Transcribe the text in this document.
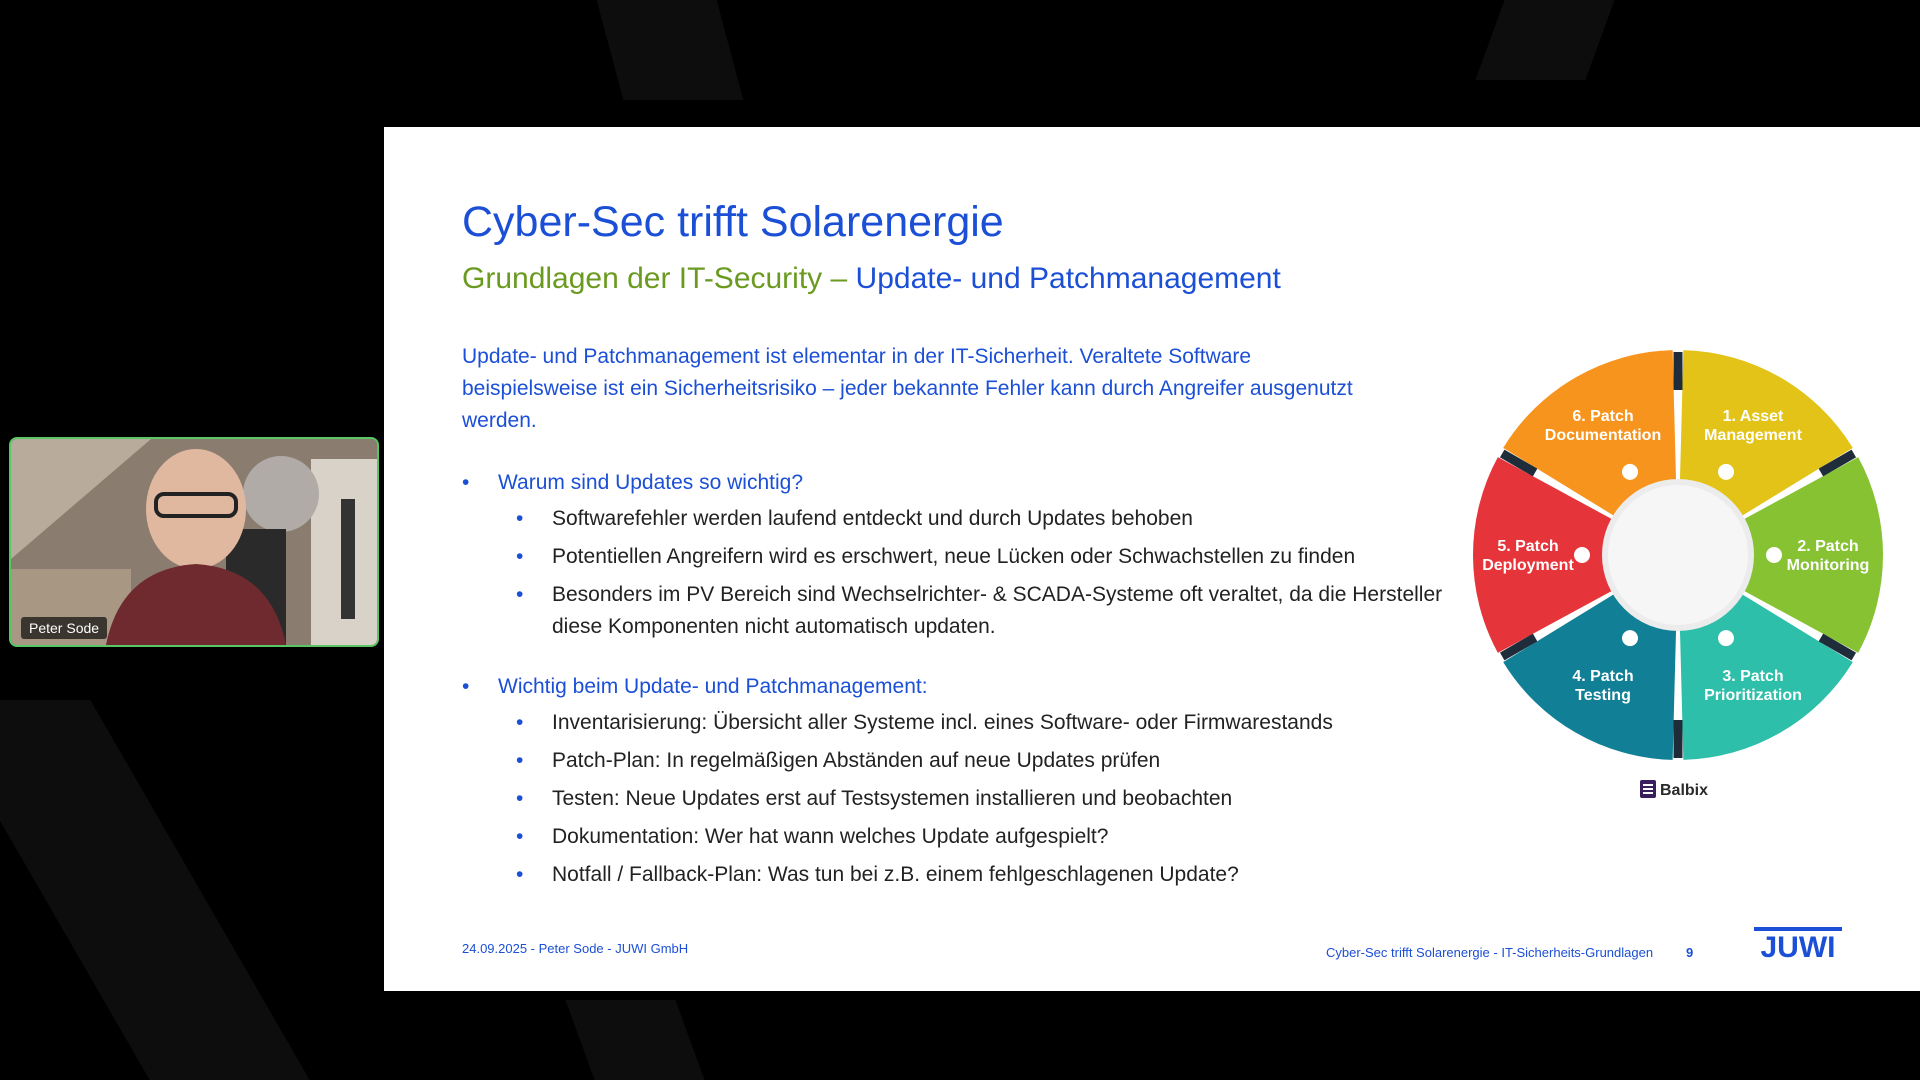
Peter Sode
Cyber-Sec trifft Solarenergie
Grundlagen der IT-Security – Update- und Patchmanagement
Update- und Patchmanagement ist elementar in der IT-Sicherheit. Veraltete Software
beispielsweise ist ein Sicherheitsrisiko – jeder bekannte Fehler kann durch Angreifer ausgenutzt
werden.
• Warum sind Updates so wichtig?
• Softwarefehler werden laufend entdeckt und durch Updates behoben
• Potentiellen Angreifern wird es erschwert, neue Lücken oder Schwachstellen zu finden
• Besonders im PV Bereich sind Wechselrichter- & SCADA-Systeme oft veraltet, da die Hersteller diese Komponenten nicht automatisch updaten.
• Wichtig beim Update- und Patchmanagement:
• Inventarisierung: Übersicht aller Systeme incl. eines Software- oder Firmwarestands
• Patch-Plan: In regelmäßigen Abständen auf neue Updates prüfen
• Testen: Neue Updates erst auf Testsystemen installieren und beobachten
• Dokumentation: Wer hat wann welches Update aufgespielt?
• Notfall / Fallback-Plan: Was tun bei z.B. einem fehlgeschlagenen Update?
1. Asset Management
2. Patch Monitoring
3. Patch Prioritization
4. Patch Testing
5. Patch Deployment
6. Patch Documentation
Balbix
24.09.2025 - Peter Sode - JUWI GmbH	Cyber-Sec trifft Solarenergie - IT-Sicherheits-Grundlagen	9 JUWI
